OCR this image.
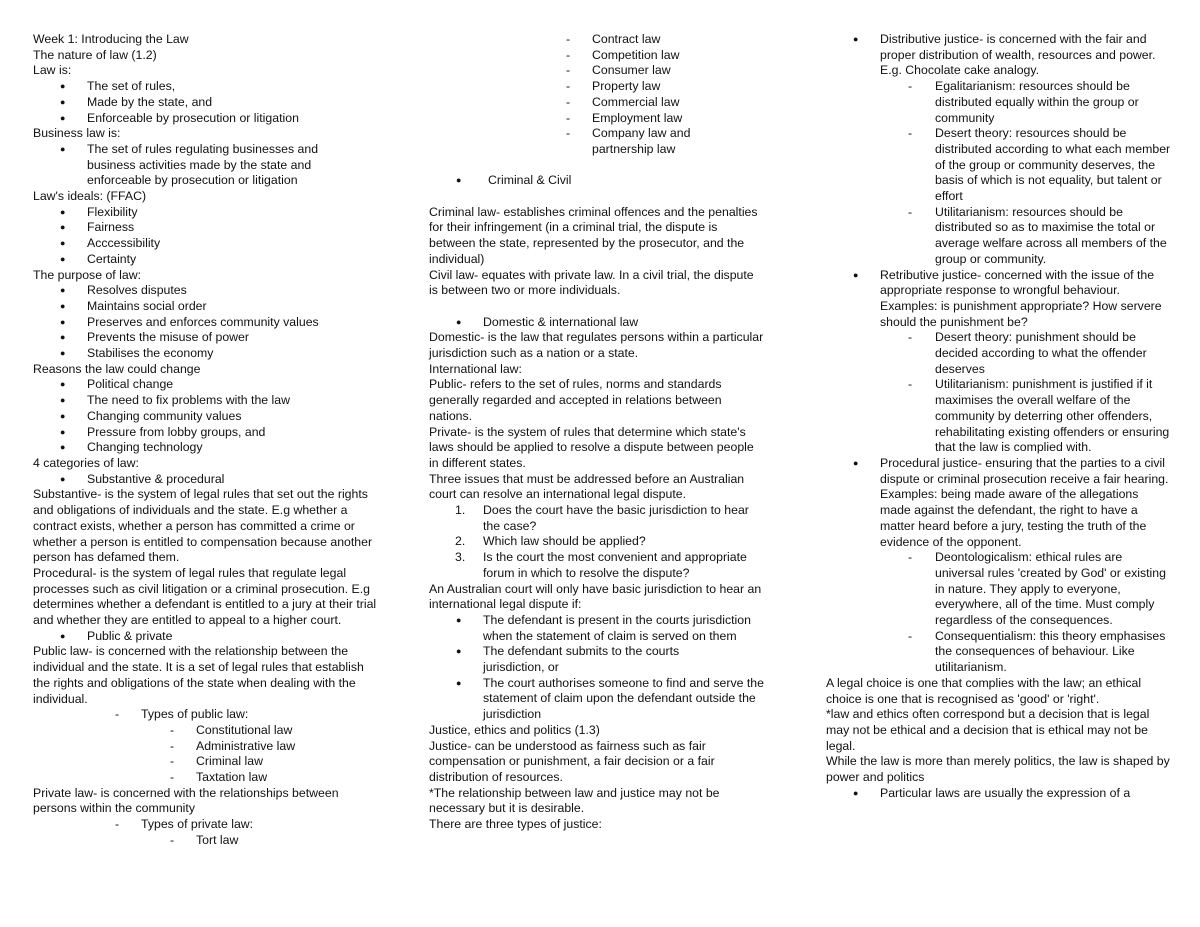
Week 1: Introducing the Law
The nature of law (1.2)
Law is:
● The set of rules,
● Made by the state, and
● Enforceable by prosecution or litigation
Business law is:
● The set of rules regulating businesses and business activities made by the state and enforceable by prosecution or litigation
Law's ideals: (FFAC)
● Flexibility
● Fairness
● Acccessibility
● Certainty
The purpose of law:
● Resolves disputes
● Maintains social order
● Preserves and enforces community values
● Prevents the misuse of power
● Stabilises the economy
Reasons the law could change
● Political change
● The need to fix problems with the law
● Changing community values
● Pressure from lobby groups, and
● Changing technology
4 categories of law:
● Substantive & procedural
Substantive- is the system of legal rules that set out the rights and obligations of individuals and the state. E.g whether a contract exists, whether a person has committed a crime or whether a person is entitled to compensation because another person has defamed them.
Procedural- is the system of legal rules that regulate legal processes such as civil litigation or a criminal prosecution. E.g determines whether a defendant is entitled to a jury at their trial and whether they are entitled to appeal to a higher court.
● Public & private
Public law- is concerned with the relationship between the individual and the state. It is a set of legal rules that establish the rights and obligations of the state when dealing with the individual.
- Types of public law:
- Constitutional law
- Administrative law
- Criminal law
- Taxtation law
Private law- is concerned with the relationships between persons within the community
- Types of private law:
- Tort law
- Contract law
- Competition law
- Consumer law
- Property law
- Commercial law
- Employment law
- Company law and partnership law
● Criminal & Civil
Criminal law- establishes criminal offences and the penalties for their infringement (in a criminal trial, the dispute is between the state, represented by the prosecutor, and the individual)
Civil law- equates with private law. In a civil trial, the dispute is between two or more individuals.
● Domestic & international law
Domestic- is the law that regulates persons within a particular jurisdiction such as a nation or a state.
International law:
Public- refers to the set of rules, norms and standards generally regarded and accepted in relations between nations.
Private- is the system of rules that determine which state's laws should be applied to resolve a dispute between people in different states.
Three issues that must be addressed before an Australian court can resolve an international legal dispute.
1. Does the court have the basic jurisdiction to hear the case?
2. Which law should be applied?
3. Is the court the most convenient and appropriate forum in which to resolve the dispute?
An Australian court will only have basic jurisdiction to hear an international legal dispute if:
● The defendant is present in the courts jurisdiction when the statement of claim is served on them
● The defendant submits to the courts jurisdiction, or
● The court authorises someone to find and serve the statement of claim upon the defendant outside the jurisdiction
Justice, ethics and politics (1.3)
Justice- can be understood as fairness such as fair compensation or punishment, a fair decision or a fair distribution of resources.
*The relationship between law and justice may not be necessary but it is desirable.
There are three types of justice:
● Distributive justice- is concerned with the fair and proper distribution of wealth, resources and power. E.g. Chocolate cake analogy.
- Egalitarianism: resources should be distributed equally within the group or community
- Desert theory: resources should be distributed according to what each member of the group or community deserves, the basis of which is not equality, but talent or effort
- Utilitarianism: resources should be distributed so as to maximise the total or average welfare across all members of the group or community.
● Retributive justice- concerned with the issue of the appropriate response to wrongful behaviour. Examples: is punishment appropriate? How servere should the punishment be?
- Desert theory: punishment should be decided according to what the offender deserves
- Utilitarianism: punishment is justified if it maximises the overall welfare of the community by deterring other offenders, rehabilitating existing offenders or ensuring that the law is complied with.
● Procedural justice- ensuring that the parties to a civil dispute or criminal prosecution receive a fair hearing. Examples: being made aware of the allegations made against the defendant, the right to have a matter heard before a jury, testing the truth of the evidence of the opponent.
- Deontologicalism: ethical rules are universal rules 'created by God' or existing in nature. They apply to everyone, everywhere, all of the time. Must comply regardless of the consequences.
- Consequentialism: this theory emphasises the consequences of behaviour. Like utilitarianism.
A legal choice is one that complies with the law; an ethical choice is one that is recognised as 'good' or 'right'.
*law and ethics often correspond but a decision that is legal may not be ethical and a decision that is ethical may not be legal.
While the law is more than merely politics, the law is shaped by power and politics
● Particular laws are usually the expression of a
